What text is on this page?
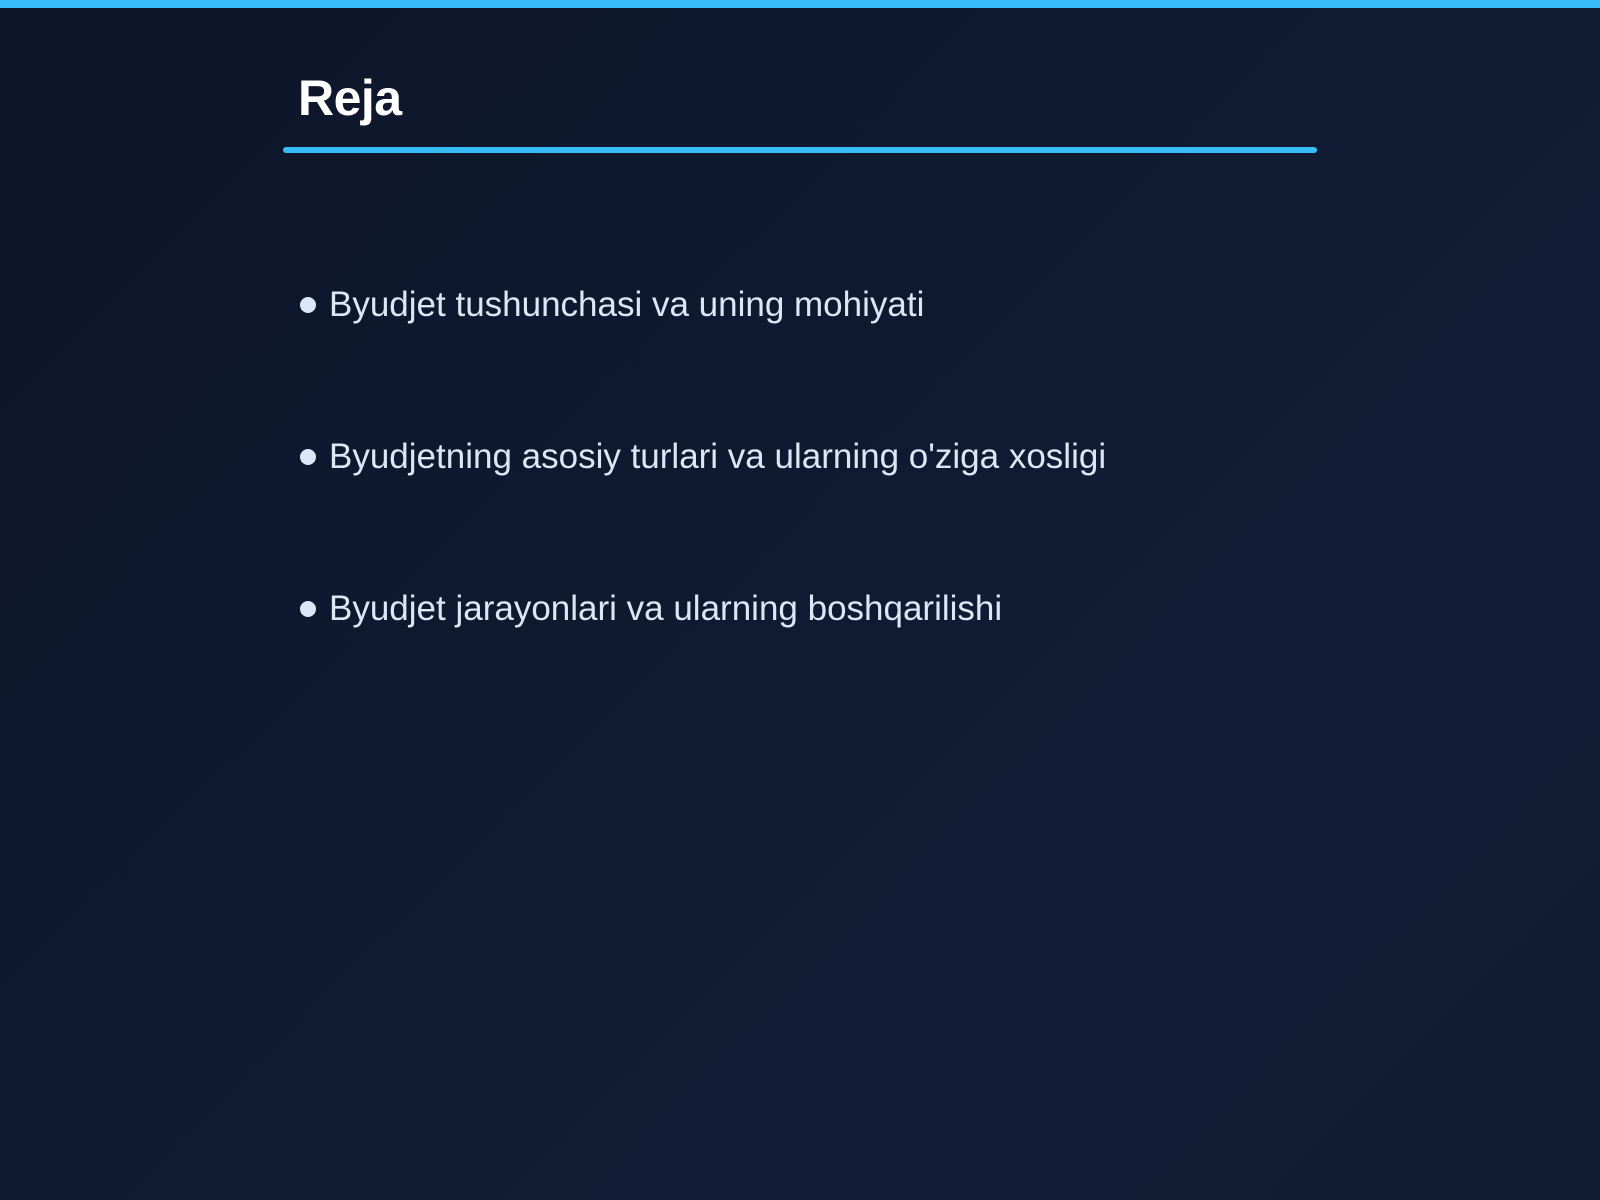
Reja
Byudjet tushunchasi va uning mohiyati
Byudjetning asosiy turlari va ularning o'ziga xosligi
Byudjet jarayonlari va ularning boshqarilishi
